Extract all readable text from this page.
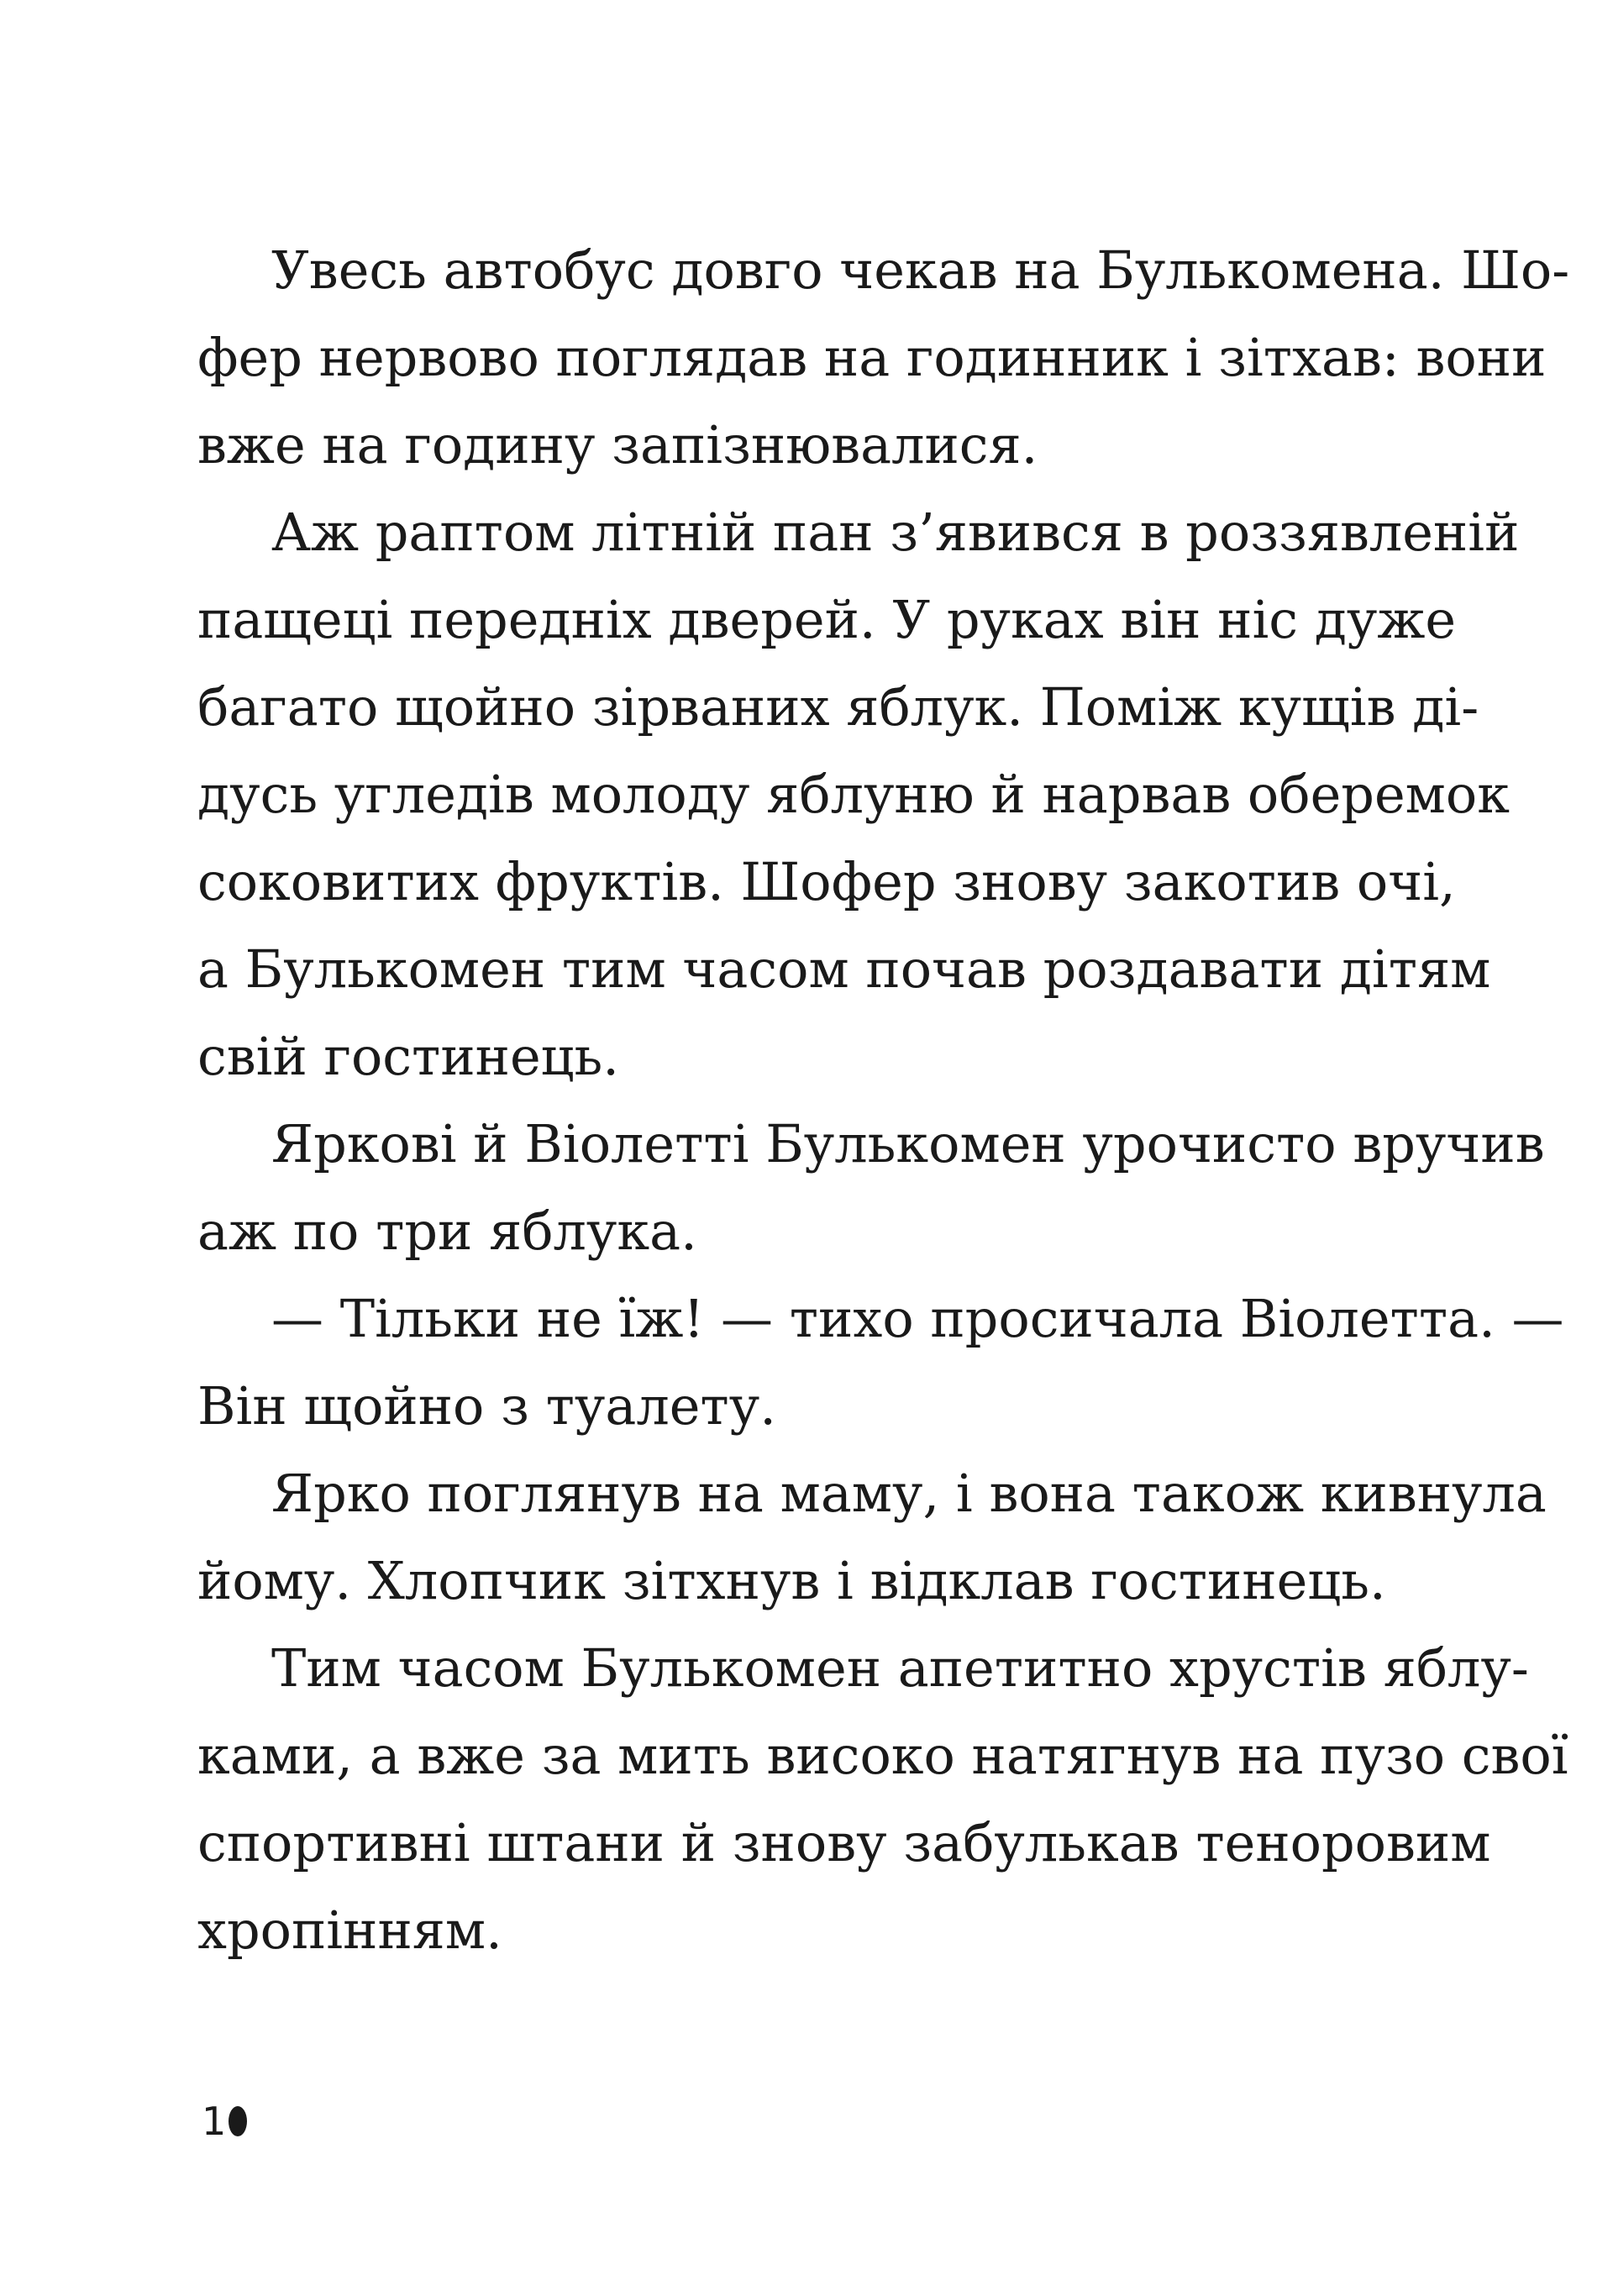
Увесь автобус довго чекав на Булькомена. Шо-
фер нервово поглядав на годинник і зітхав: вони
вже на годину запізнювалися.
Аж раптом літній пан з’явився в роззявленій
пащеці передніх дверей. У руках він ніс дуже
багато щойно зірваних яблук. Поміж кущів ді-
дусь угледів молоду яблуню й нарвав оберемок
соковитих фруктів. Шофер знову закотив очі,
а Булькомен тим часом почав роздавати дітям
свій гостинець.
Яркові й Віолетті Булькомен урочисто вручив
аж по три яблука.
— Тільки не їж! — тихо просичала Віолетта. —
Він щойно з туалету.
Ярко поглянув на маму, і вона також кивнула
йому. Хлопчик зітхнув і відклав гостинець.
Тим часом Булькомен апетитно хрустів яблу-
ками, а вже за мить високо натягнув на пузо свої
спортивні штани й знову забулькав теноровим
хропінням.
1
